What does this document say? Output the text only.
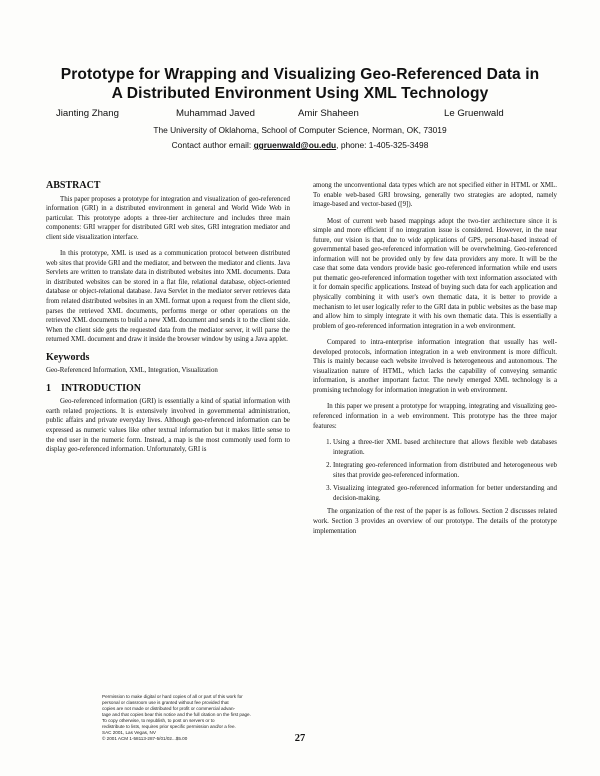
Prototype for Wrapping and Visualizing Geo-Referenced Data in
A Distributed Environment Using XML Technology
Jianting Zhang	Muhammad Javed	Amir Shaheen	Le Gruenwald
The University of Oklahoma, School of Computer Science, Norman, OK, 73019
Contact author email: ggruenwald@ou.edu, phone: 1-405-325-3498
ABSTRACT

This paper proposes a prototype for integration and visualization of geo-referenced information (GRI) in a distributed environment in general and World Wide Web in particular. This prototype adopts a three-tier architecture and includes three main components: GRI wrapper for distributed GRI web sites, GRI integration mediator and client side visualization interface.

In this prototype, XML is used as a communication protocol between distributed web sites that provide GRI and the mediator, and between the mediator and clients. Java Servlets are written to translate data in distributed websites into XML documents. Data in distributed websites can be stored in a flat file, relational database, object-oriented database or object-relational database. Java Servlet in the mediator server retrieves data from related distributed websites in an XML format upon a request from the client side, parses the retrieved XML documents, performs merge or other operations on the retrieved XML documents to build a new XML document and sends it to the client side. When the client side gets the requested data from the mediator server, it will parse the returned XML document and draw it inside the browser window by using a Java applet.

Keywords

Geo-Referenced Information, XML, Integration, Visualization

1 INTRODUCTION

Geo-referenced information (GRI) is essentially a kind of spatial information with earth related projections. It is extensively involved in governmental administration, public affairs and private everyday lives. Although geo-referenced information can be expressed as numeric values like other textual information but it makes little sense to the end user in the numeric form. Instead, a map is the most commonly used form to display geo-referenced information. Unfortunately, GRI is

among the unconventional data types which are not specified either in HTML or XML. To enable web-based GRI browsing, generally two strategies are adopted, namely image-based and vector-based ([9]).

Most of current web based mappings adopt the two-tier architecture since it is simple and more efficient if no integration issue is considered. However, in the near future, our vision is that, due to wide applications of GPS, personal-based instead of governmental based geo-referenced information will be overwhelming. Geo-referenced information will not be provided only by few data providers any more. It will be the case that some data vendors provide basic geo-referenced information while end users put thematic geo-referenced information together with text information associated with it for domain specific applications. Instead of buying such data for each application and physically combining it with user's own thematic data, it is better to provide a mechanism to let user logically refer to the GRI data in public websites as the base map and allow him to simply integrate it with his own thematic data. This is essentially a problem of geo-referenced information integration in a web environment.

Compared to intra-enterprise information integration that usually has well-developed protocols, information integration in a web environment is more difficult. This is mainly because each website involved is heterogeneous and autonomous. The visualization nature of HTML, which lacks the capability of conveying semantic information, is another important factor. The newly emerged XML technology is a promising technology for information integration in web environment.

In this paper we present a prototype for wrapping, integrating and visualizing geo-referenced information in a web environment. This prototype has the three major features:

1. Using a three-tier XML based architecture that allows flexible web databases integration.
2. Integrating geo-referenced information from distributed and heterogeneous web sites that provide geo-referenced information.
3. Visualizing integrated geo-referenced information for better understanding and decision-making.

The organization of the rest of the paper is as follows. Section 2 discusses related work. Section 3 provides an overview of our prototype. The details of the prototype implementation

Permission to make digital or hard copies of all or part of this work for
personal or classroom use is granted without fee provided that
copies are not made or distributed for profit or commercial advan-
tage and that copies bear this notice and the full citation on the first page.
To copy otherwise, to republish, to post on servers or to
redistribute to lists, requires prior specific permission and/or a fee.
SAC 2001, Las Vegas, NV
© 2001 ACM 1-58113-287-5/01/02...$5.00	27
